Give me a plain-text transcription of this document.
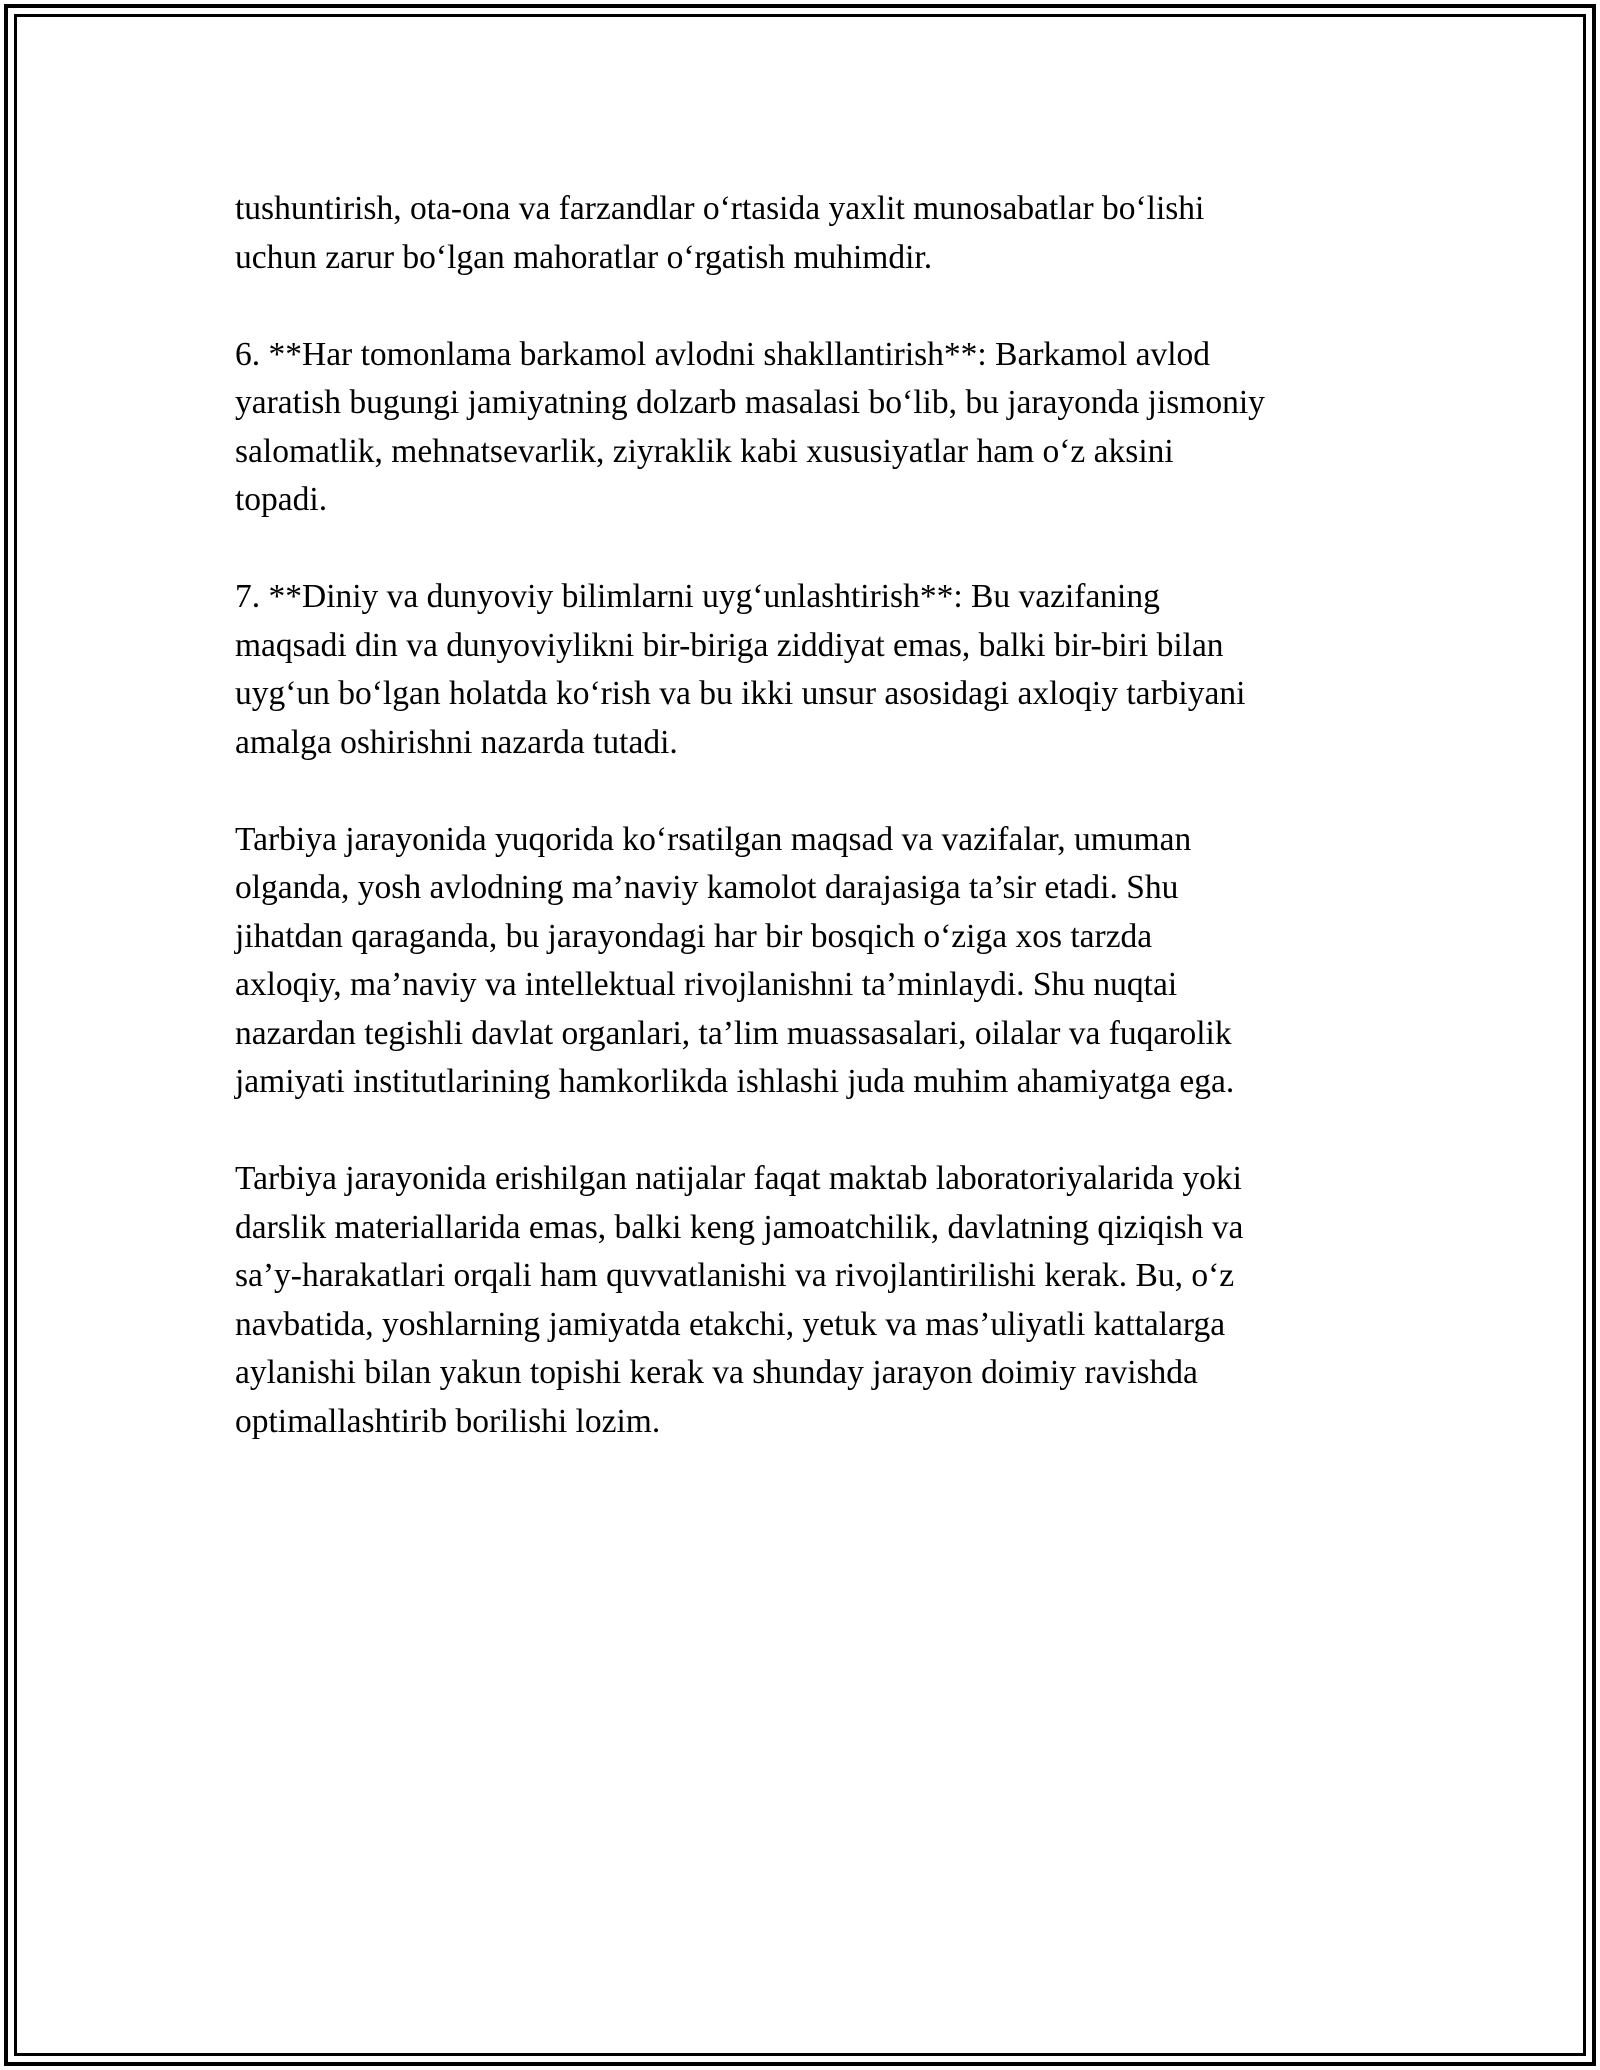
tushuntirish, ota-ona va farzandlar o‘rtasida yaxlit munosabatlar bo‘lishi
uchun zarur bo‘lgan mahoratlar o‘rgatish muhimdir.

6. **Har tomonlama barkamol avlodni shakllantirish**: Barkamol avlod
yaratish bugungi jamiyatning dolzarb masalasi bo‘lib, bu jarayonda jismoniy
salomatlik, mehnatsevarlik, ziyraklik kabi xususiyatlar ham o‘z aksini
topadi.

7. **Diniy va dunyoviy bilimlarni uyg‘unlashtirish**: Bu vazifaning
maqsadi din va dunyoviylikni bir-biriga ziddiyat emas, balki bir-biri bilan
uyg‘un bo‘lgan holatda ko‘rish va bu ikki unsur asosidagi axloqiy tarbiyani
amalga oshirishni nazarda tutadi.

Tarbiya jarayonida yuqorida ko‘rsatilgan maqsad va vazifalar, umuman
olganda, yosh avlodning ma’naviy kamolot darajasiga ta’sir etadi. Shu
jihatdan qaraganda, bu jarayondagi har bir bosqich o‘ziga xos tarzda
axloqiy, ma’naviy va intellektual rivojlanishni ta’minlaydi. Shu nuqtai
nazardan tegishli davlat organlari, ta’lim muassasalari, oilalar va fuqarolik
jamiyati institutlarining hamkorlikda ishlashi juda muhim ahamiyatga ega.

Tarbiya jarayonida erishilgan natijalar faqat maktab laboratoriyalarida yoki
darslik materiallarida emas, balki keng jamoatchilik, davlatning qiziqish va
sa’y-harakatlari orqali ham quvvatlanishi va rivojlantirilishi kerak. Bu, o‘z
navbatida, yoshlarning jamiyatda etakchi, yetuk va mas’uliyatli kattalarga
aylanishi bilan yakun topishi kerak va shunday jarayon doimiy ravishda
optimallashtirib borilishi lozim.
